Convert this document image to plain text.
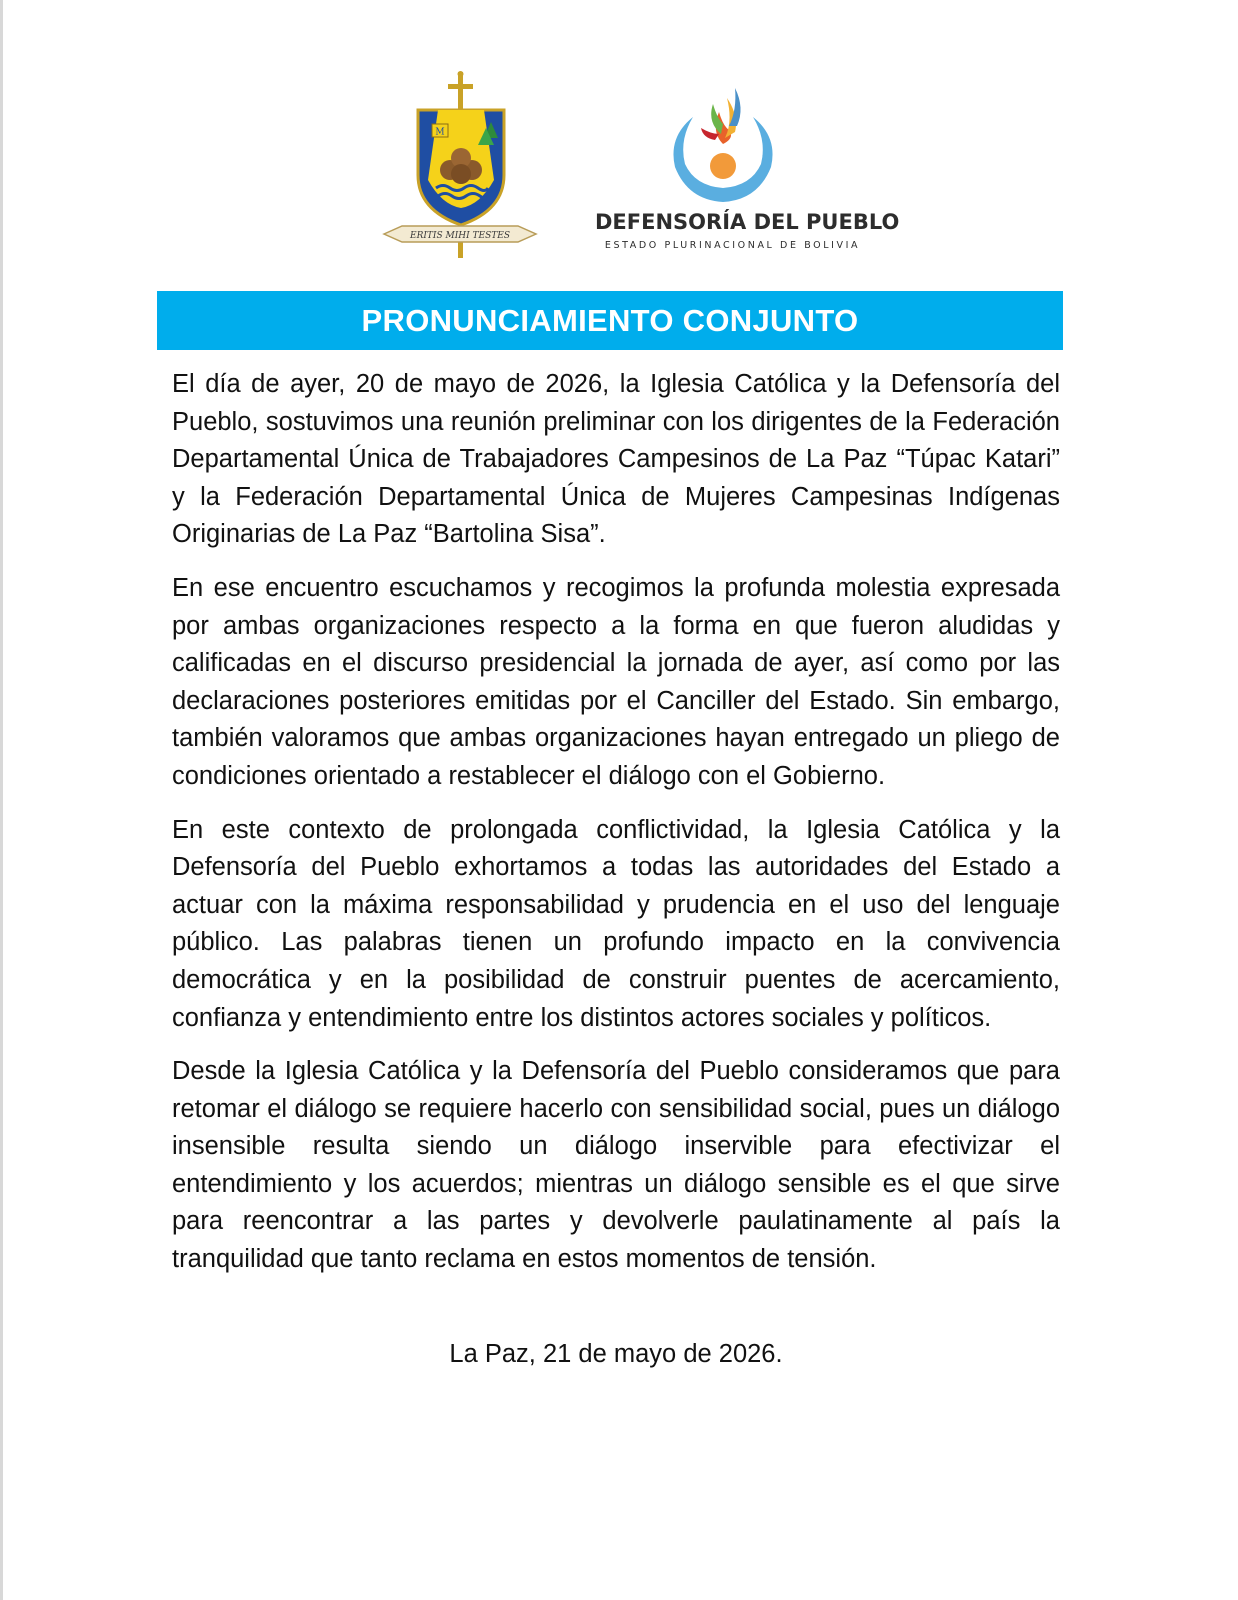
M
ERITIS MIHI TESTES
DEFENSORÍA DEL PUEBLO
ESTADO PLURINACIONAL DE BOLIVIA
PRONUNCIAMIENTO CONJUNTO

El día de ayer, 20 de mayo de 2026, la Iglesia Católica y la Defensoría del Pueblo, sostuvimos una reunión preliminar con los dirigentes de la Federación Departamental Única de Trabajadores Campesinos de La Paz “Túpac Katari” y la Federación Departamental Única de Mujeres Campesinas Indígenas Originarias de La Paz “Bartolina Sisa”.

En ese encuentro escuchamos y recogimos la profunda molestia expresada por ambas organizaciones respecto a la forma en que fueron aludidas y calificadas en el discurso presidencial la jornada de ayer, así como por las declaraciones posteriores emitidas por el Canciller del Estado. Sin embargo, también valoramos que ambas organizaciones hayan entregado un pliego de condiciones orientado a restablecer el diálogo con el Gobierno.

En este contexto de prolongada conflictividad, la Iglesia Católica y la Defensoría del Pueblo exhortamos a todas las autoridades del Estado a actuar con la máxima responsabilidad y prudencia en el uso del lenguaje público. Las palabras tienen un profundo impacto en la convivencia democrática y en la posibilidad de construir puentes de acercamiento, confianza y entendimiento entre los distintos actores sociales y políticos.

Desde la Iglesia Católica y la Defensoría del Pueblo consideramos que para retomar el diálogo se requiere hacerlo con sensibilidad social, pues un diálogo insensible resulta siendo un diálogo inservible para efectivizar el entendimiento y los acuerdos; mientras un diálogo sensible es el que sirve para reencontrar a las partes y devolverle paulatinamente al país la tranquilidad que tanto reclama en estos momentos de tensión.

La Paz, 21 de mayo de 2026.
